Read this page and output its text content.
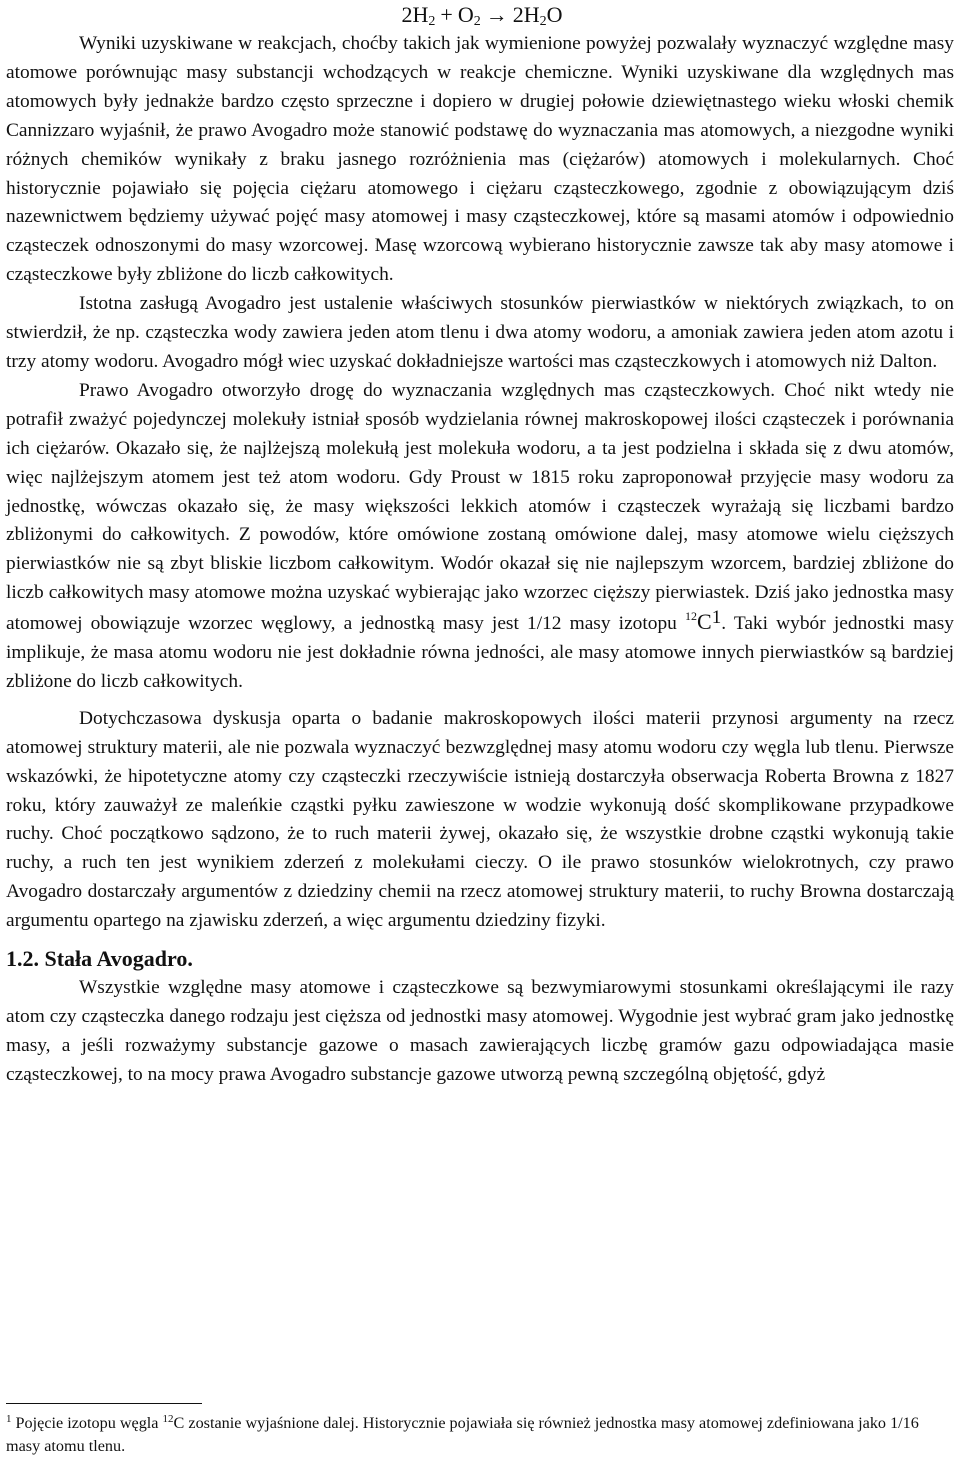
$2H_2 + O_2 \to 2H_2O$

Wyniki uzyskiwane w reakcjach, choćby takich jak wymienione powyżej pozwalały wyznaczyć względne masy atomowe porównując masy substancji wchodzących w reakcje chemiczne. Wyniki uzyskiwane dla względnych mas atomowych były jednakże bardzo często sprzeczne i dopiero w drugiej połowie dziewiętnastego wieku włoski chemik Cannizzaro wyjaśnił, że prawo Avogadro może stanowić podstawę do wyznaczania mas atomowych, a niezgodne wyniki różnych chemików wynikały z braku jasnego rozróżnienia mas (ciężarów) atomowych i molekularnych. Choć historycznie pojawiało się pojęcia ciężaru atomowego i ciężaru cząsteczkowego, zgodnie z obowiązującym dziś nazewnictwem będziemy używać pojęć masy atomowej i masy cząsteczkowej, które są masami atomów i odpowiednio cząsteczek odnoszonymi do masy wzorcowej. Masę wzorcową wybierano historycznie zawsze tak aby masy atomowe i cząsteczkowe były zbliżone do liczb całkowitych.

Istotna zasługą Avogadro jest ustalenie właściwych stosunków pierwiastków w niektórych związkach, to on stwierdził, że np. cząsteczka wody zawiera jeden atom tlenu i dwa atomy wodoru, a amoniak zawiera jeden atom azotu i trzy atomy wodoru. Avogadro mógł wiec uzyskać dokładniejsze wartości mas cząsteczkowych i atomowych niż Dalton.

Prawo Avogadro otworzyło drogę do wyznaczania względnych mas cząsteczkowych. Choć nikt wtedy nie potrafił zważyć pojedynczej molekuły istniał sposób wydzielania równej makroskopowej ilości cząsteczek i porównania ich ciężarów. Okazało się, że najlżejszą molekułą jest molekuła wodoru, a ta jest podzielna i składa się z dwu atomów, więc najlżejszym atomem jest też atom wodoru. Gdy Proust w 1815 roku zaproponował przyjęcie masy wodoru za jednostkę, wówczas okazało się, że masy większości lekkich atomów i cząsteczek wyrażają się liczbami bardzo zbliżonymi do całkowitych. Z powodów, które omówione zostaną omówione dalej, masy atomowe wielu cięższych pierwiastków nie są zbyt bliskie liczbom całkowitym. Wodór okazał się nie najlepszym wzorcem, bardziej zbliżone do liczb całkowitych masy atomowe można uzyskać wybierając jako wzorzec cięższy pierwiastek. Dziś jako jednostka masy atomowej obowiązuje wzorzec węglowy, a jednostką masy jest 1/12 masy izotopu $^{12}$C1. Taki wybór jednostki masy implikuje, że masa atomu wodoru nie jest dokładnie równa jedności, ale masy atomowe innych pierwiastków są bardziej zbliżone do liczb całkowitych.

Dotychczasowa dyskusja oparta o badanie makroskopowych ilości materii przynosi argumenty na rzecz atomowej struktury materii, ale nie pozwala wyznaczyć bezwzględnej masy atomu wodoru czy węgla lub tlenu. Pierwsze wskazówki, że hipotetyczne atomy czy cząsteczki rzeczywiście istnieją dostarczyła obserwacja Roberta Browna z 1827 roku, który zauważył ze maleńkie cząstki pyłku zawieszone w wodzie wykonują dość skomplikowane przypadkowe ruchy. Choć początkowo sądzono, że to ruch materii żywej, okazało się, że wszystkie drobne cząstki wykonują takie ruchy, a ruch ten jest wynikiem zderzeń z molekułami cieczy. O ile prawo stosunków wielokrotnych, czy prawo Avogadro dostarczały argumentów z dziedziny chemii na rzecz atomowej struktury materii, to ruchy Browna dostarczają argumentu opartego na zjawisku zderzeń, a więc argumentu dziedziny fizyki.

1.2. Stała Avogadro.

Wszystkie względne masy atomowe i cząsteczkowe są bezwymiarowymi stosunkami określającymi ile razy atom czy cząsteczka danego rodzaju jest cięższa od jednostki masy atomowej. Wygodnie jest wybrać gram jako jednostkę masy, a jeśli rozważymy substancje gazowe o masach zawierających liczbę gramów gazu odpowiadająca masie cząsteczkowej, to na mocy prawa Avogadro substancje gazowe utworzą pewną szczególną objętość, gdyż

$^1$ Pojęcie izotopu węgla $^{12}$C zostanie wyjaśnione dalej. Historycznie pojawiała się również jednostka masy atomowej zdefiniowana jako 1/16 masy atomu tlenu.
